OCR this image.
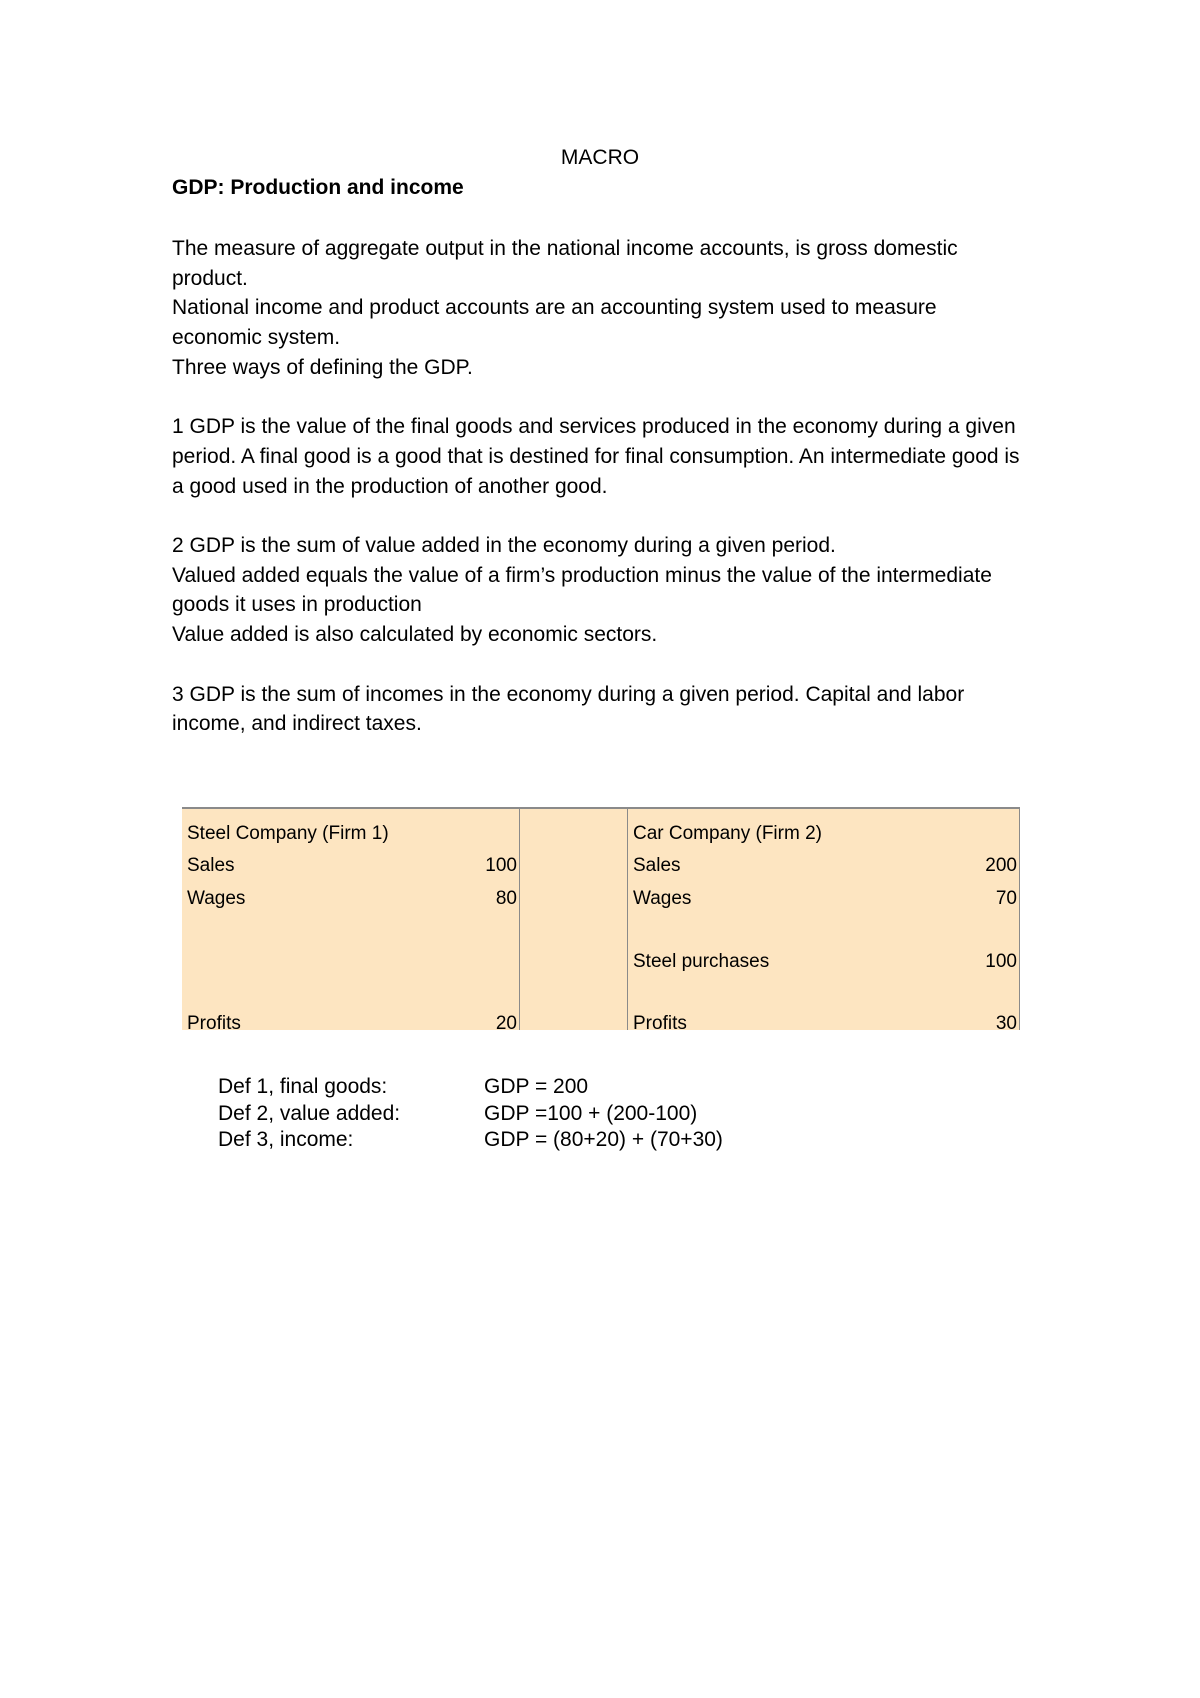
MACRO
GDP: Production and income

The measure of aggregate output in the national income accounts, is gross domestic product.

National income and product accounts are an accounting system used to measure economic system.

Three ways of defining the GDP.

1 GDP is the value of the final goods and services produced in the economy during a given period. A final good is a good that is destined for final consumption. An intermediate good is a good used in the production of another good.

2 GDP is the sum of value added in the economy during a given period.

Valued added equals the value of a firm’s production minus the value of the intermediate goods it uses in production

Value added is also calculated by economic sectors.

3 GDP is the sum of incomes in the economy during a given period. Capital and labor income, and indirect taxes.

Steel Company (Firm 1)
Sales	100
Wages	80
Profits	20
Car Company (Firm 2)
Sales	200
Wages	70
Steel purchases	100
Profits	30
Def 1, final goods:	GDP = 200
Def 2, value added:	GDP =100 + (200-100)
Def 3, income:	GDP = (80+20) + (70+30)
